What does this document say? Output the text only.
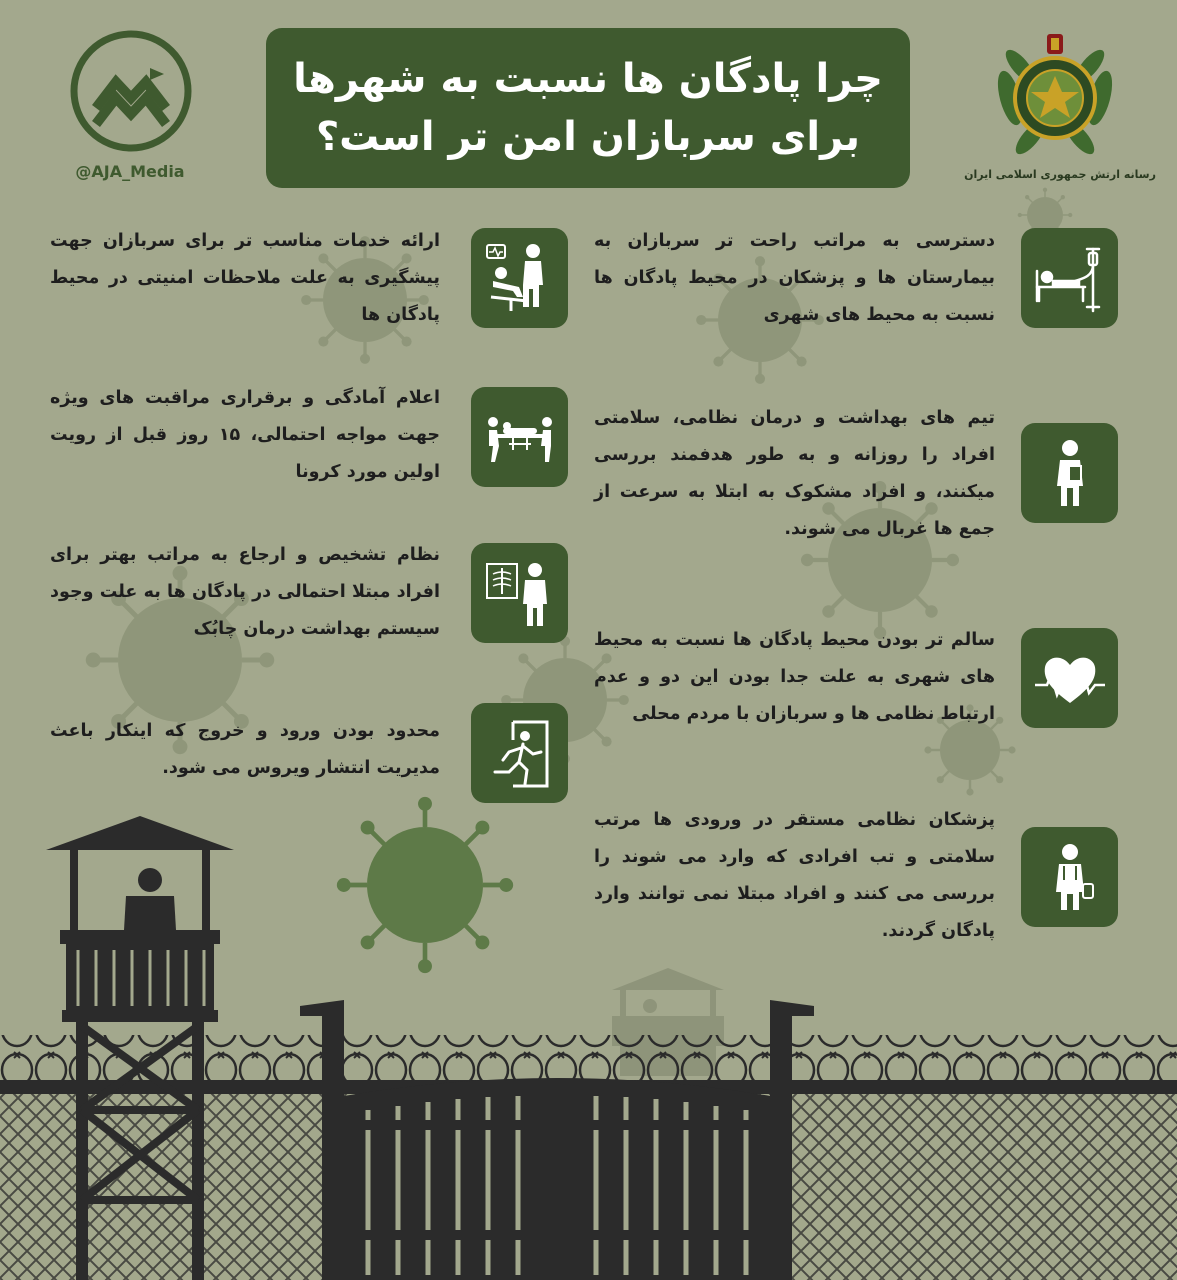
@AJA_Media
چرا پادگان ها نسبت به شهرها
برای سربازان امن تر است؟
رسانه ارتش جمهوری اسلامی ایران
دسترسی به مراتب راحت تر سربازان به بیمارستان ها و پزشکان در محیط پادگان ها نسبت به محیط های شهری
تیم های بهداشت و درمان نظامی، سلامتی افراد را روزانه و به طور هدفمند بررسی میکنند، و افراد مشکوک به ابتلا به سرعت از جمع ها غربال می شوند.
سالم تر بودن محیط پادگان ها نسبت به محیط های شهری به علت جدا بودن این دو و عدم ارتباط نظامی ها و سربازان با مردم محلی
پزشکان نظامی مستقر در ورودی ها مرتب سلامتی و تب افرادی که وارد می شوند را بررسی می کنند و افراد مبتلا نمی توانند وارد پادگان گردند.
ارائه خدمات مناسب تر برای سربازان جهت پیشگیری به علت ملاحظات امنیتی در محیط پادگان ها
اعلام آمادگی و برقراری مراقبت های ویژه جهت مواجه احتمالی، ۱۵ روز قبل از رویت اولین مورد کرونا
نظام تشخیص و ارجاع به مراتب بهتر برای افراد مبتلا احتمالی در پادگان ها به علت وجود سیستم بهداشت درمان چابُک
محدود بودن ورود و خروج که اینکار باعث مدیریت انتشار ویروس می شود.
